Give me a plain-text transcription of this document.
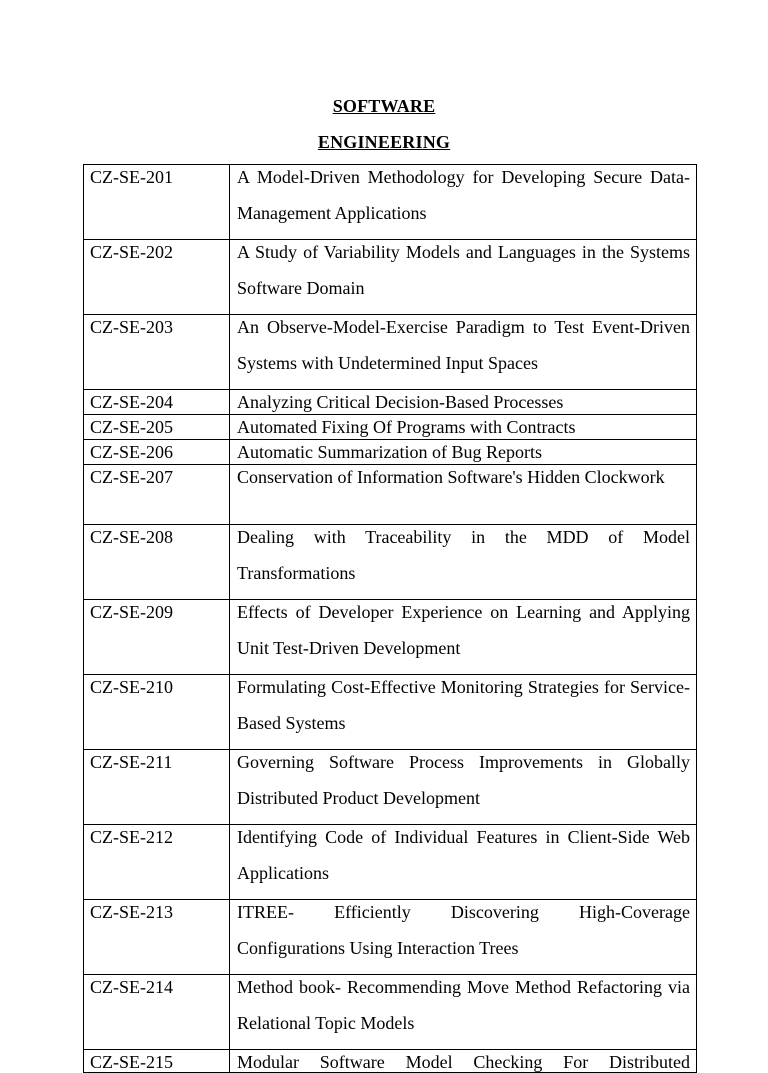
SOFTWARE
ENGINEERING
CZ-SE-201	A Model-Driven Methodology for Developing Secure Data-Management Applications

CZ-SE-202	A Study of Variability Models and Languages in the Systems Software Domain

CZ-SE-203	An Observe-Model-Exercise Paradigm to Test Event-Driven Systems with Undetermined Input Spaces

CZ-SE-204	Analyzing Critical Decision-Based Processes

CZ-SE-205	Automated Fixing Of Programs with Contracts

CZ-SE-206	Automatic Summarization of Bug Reports

CZ-SE-207	Conservation of Information Software's Hidden Clockwork

CZ-SE-208	Dealing with Traceability in the MDD of Model Transformations

CZ-SE-209	Effects of Developer Experience on Learning and Applying Unit Test-Driven Development

CZ-SE-210	Formulating Cost-Effective Monitoring Strategies for Service-Based Systems

CZ-SE-211	Governing Software Process Improvements in Globally Distributed Product Development

CZ-SE-212	Identifying Code of Individual Features in Client-Side Web Applications

CZ-SE-213	ITREE- Efficiently Discovering High-Coverage Configurations Using Interaction Trees

CZ-SE-214	Method book- Recommending Move Method Refactoring via Relational Topic Models

CZ-SE-215	Modular Software Model Checking For Distributed
